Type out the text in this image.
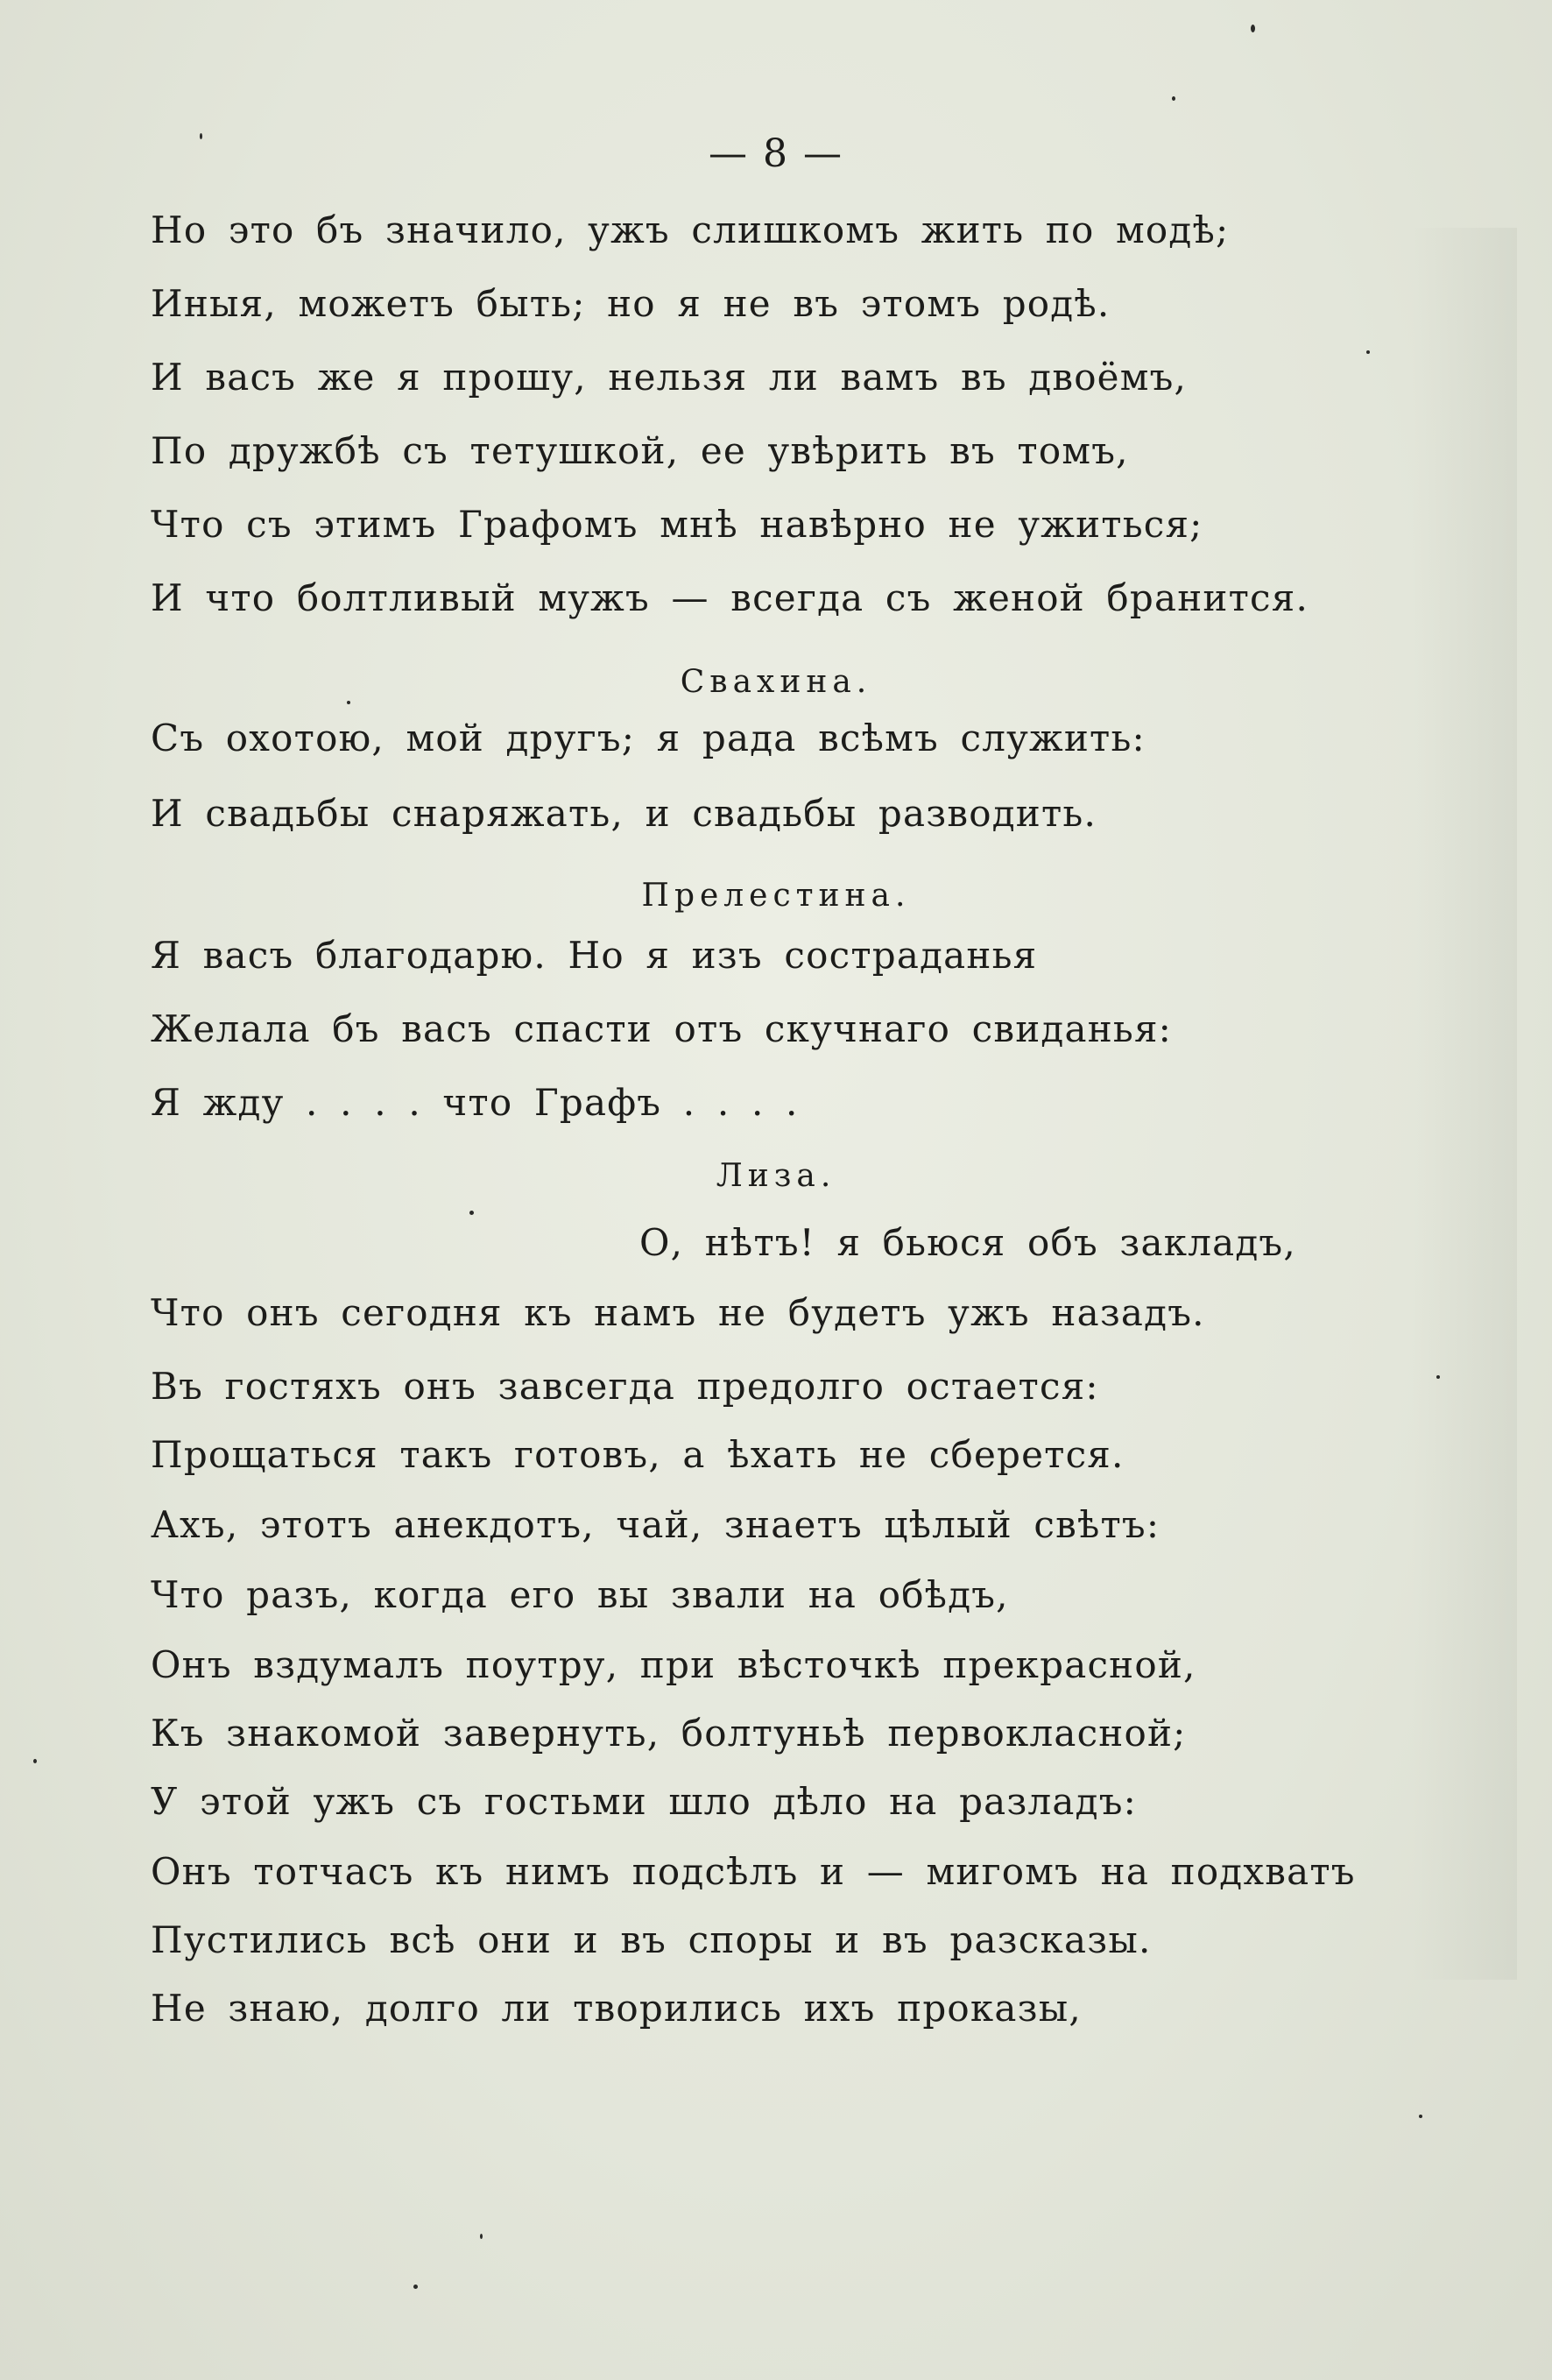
— 8 —
Но это бъ значило, ужъ слишкомъ жить по модѣ;
Иныя, можетъ быть; но я не въ этомъ родѣ.
И васъ же я прошу, нельзя ли вамъ въ двоёмъ,
По дружбѣ съ тетушкой, ее увѣрить въ томъ,
Что съ этимъ Графомъ мнѣ навѣрно не ужиться;
И что болтливый мужъ — всегда съ женой бранится.
Свахина.
Съ охотою, мой другъ; я рада всѣмъ служить:
И свадьбы снаряжать, и свадьбы разводить.
Прелестина.
Я васъ благодарю. Но я изъ состраданья
Желала бъ васъ спасти отъ скучнаго свиданья:
Я жду . . . . что Графъ . . . .
Лиза.
О, нѣтъ! я бьюся объ закладъ,
Что онъ сегодня къ намъ не будетъ ужъ назадъ.
Въ гостяхъ онъ завсегда предолго остается:
Прощаться такъ готовъ, а ѣхать не сберется.
Ахъ, этотъ анекдотъ, чай, знаетъ цѣлый свѣтъ:
Что разъ, когда его вы звали на обѣдъ,
Онъ вздумалъ поутру, при вѣсточкѣ прекрасной,
Къ знакомой завернуть, болтуньѣ первокласной;
У этой ужъ съ гостьми шло дѣло на разладъ:
Онъ тотчасъ къ нимъ подсѣлъ и — мигомъ на подхватъ
Пустились всѣ они и въ споры и въ разсказы.
Не знаю, долго ли творились ихъ проказы,
